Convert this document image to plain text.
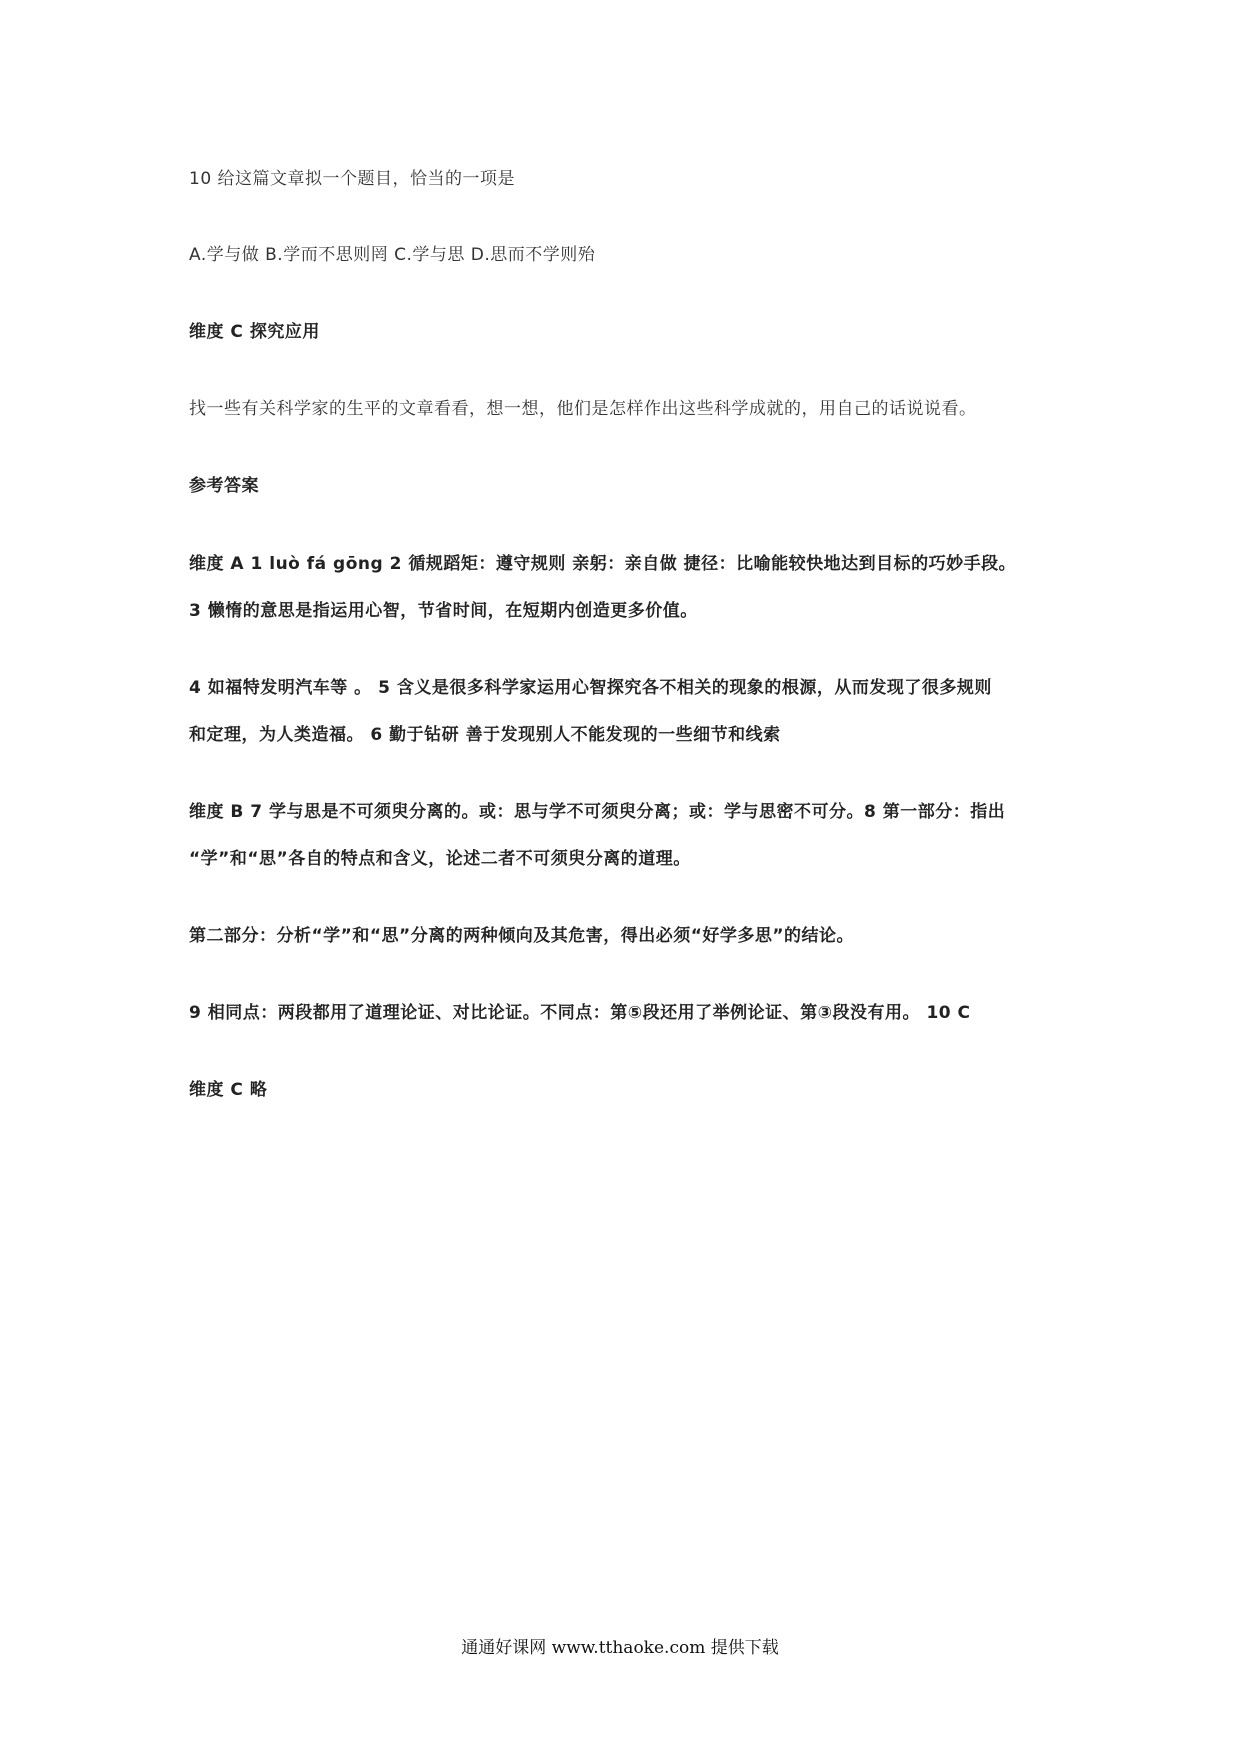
10 给这篇文章拟一个题目，恰当的一项是
A.学与做 B.学而不思则罔 C.学与思 D.思而不学则殆
维度 C 探究应用
找一些有关科学家的生平的文章看看，想一想，他们是怎样作出这些科学成就的，用自己的话说说看。
参考答案
维度 A 1 luò fá gōng 2 循规蹈矩：遵守规则 亲躬：亲自做 捷径：比喻能较快地达到目标的巧妙手段。
3 懒惰的意思是指运用心智，节省时间，在短期内创造更多价值。
4 如福特发明汽车等 。 5 含义是很多科学家运用心智探究各不相关的现象的根源，从而发现了很多规则
和定理，为人类造福。 6 勤于钻研 善于发现别人不能发现的一些细节和线索
维度 B 7 学与思是不可须臾分离的。或：思与学不可须臾分离；或：学与思密不可分。8 第一部分：指出
“学”和“思”各自的特点和含义，论述二者不可须臾分离的道理。
第二部分：分析“学”和“思”分离的两种倾向及其危害，得出必须“好学多思”的结论。
9 相同点：两段都用了道理论证、对比论证。不同点：第⑤段还用了举例论证、第③段没有用。 10 C
维度 C 略
通通好课网 www.tthaoke.com 提供下载
